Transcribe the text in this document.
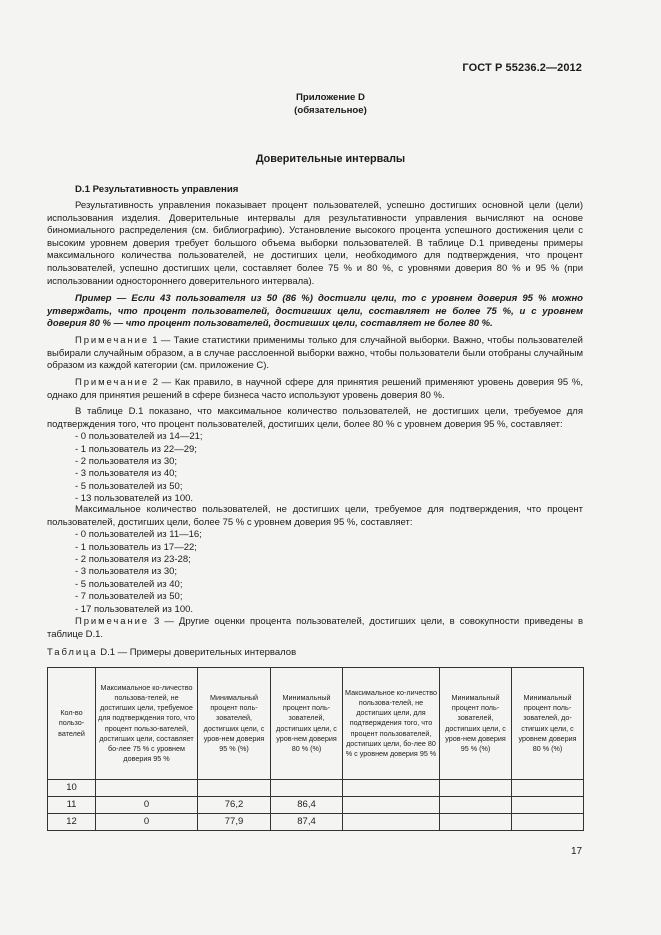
ГОСТ Р 55236.2—2012
Приложение D
(обязательное)
Доверительные интервалы
D.1 Результативность управления

Результативность управления показывает процент пользователей, успешно достигших основной цели (цели) использования изделия. Доверительные интервалы для результативности управления вычисляют на основе биномиального распределения (см. библиографию). Установление высокого процента успешного достижения цели с высоким уровнем доверия требует большого объема выборки пользователей. В таблице D.1 приведены примеры максимального количества пользователей, не достигших цели, необходимого для подтверждения, что процент пользователей, успешно достигших цели, составляет более 75 % и 80 %, с уровнями доверия 80 % и 95 % (при использовании одностороннего доверительного интервала).

Пример — Если 43 пользователя из 50 (86 %) достигли цели, то с уровнем доверия 95 % можно утверждать, что процент пользователей, достигших цели, составляет не более 75 %, и с уровнем доверия 80 % — что процент пользователей, достигших цели, составляет не более 80 %.

Примечание 1 — Такие статистики применимы только для случайной выборки. Важно, чтобы пользователей выбирали случайным образом, а в случае расслоенной выборки важно, чтобы пользователи были отобраны случайным образом из каждой категории (см. приложение С).

Примечание 2 — Как правило, в научной сфере для принятия решений применяют уровень доверия 95 %, однако для принятия решений в сфере бизнеса часто используют уровень доверия 80 %.

В таблице D.1 показано, что максимальное количество пользователей, не достигших цели, требуемое для подтверждения того, что процент пользователей, достигших цели, более 80 % с уровнем доверия 95 %, составляет:

- 0 пользователей из 14—21;

- 1 пользователь из 22—29;

- 2 пользователя из 30;

- 3 пользователя из 40;

- 5 пользователей из 50;

- 13 пользователей из 100.

Максимальное количество пользователей, не достигших цели, требуемое для подтверждения, что процент пользователей, достигших цели, более 75 % с уровнем доверия 95 %, составляет:

- 0 пользователей из 11—16;

- 1 пользователь из 17—22;

- 2 пользователя из 23-28;

- 3 пользователя из 30;

- 5 пользователей из 40;

- 7 пользователей из 50;

- 17 пользователей из 100.

Примечание 3 — Другие оценки процента пользователей, достигших цели, в совокупности приведены в таблице D.1.

Таблица D.1 — Примеры доверительных интервалов
Кол-во пользо-вателей	Максимальное ко-личество пользова-телей, не достигших цели, требуемое для подтверждения того, что процент пользо-вателей, достигших цели, составляет бо-лее 75 % с уровнем доверия 95 %	Минимальный процент поль-зователей, достигших цели, с уров-нем доверия 95 % (%)	Минимальный процент поль-зователей, достигших цели, с уров-нем доверия 80 % (%)	Максимальное ко-личество пользова-телей, не достигших цели, для подтверждения того, что процент пользователей, достигших цели, бо-лее 80 % с уровнем доверия 95 %	Минимальный процент поль-зователей, достигших цели, с уров-нем доверия 95 % (%)	Минимальный процент поль-зователей, до-стигших цели, с уровнем доверия 80 % (%)
10						
11	0	76,2	86,4			
12	0	77,9	87,4			
17
